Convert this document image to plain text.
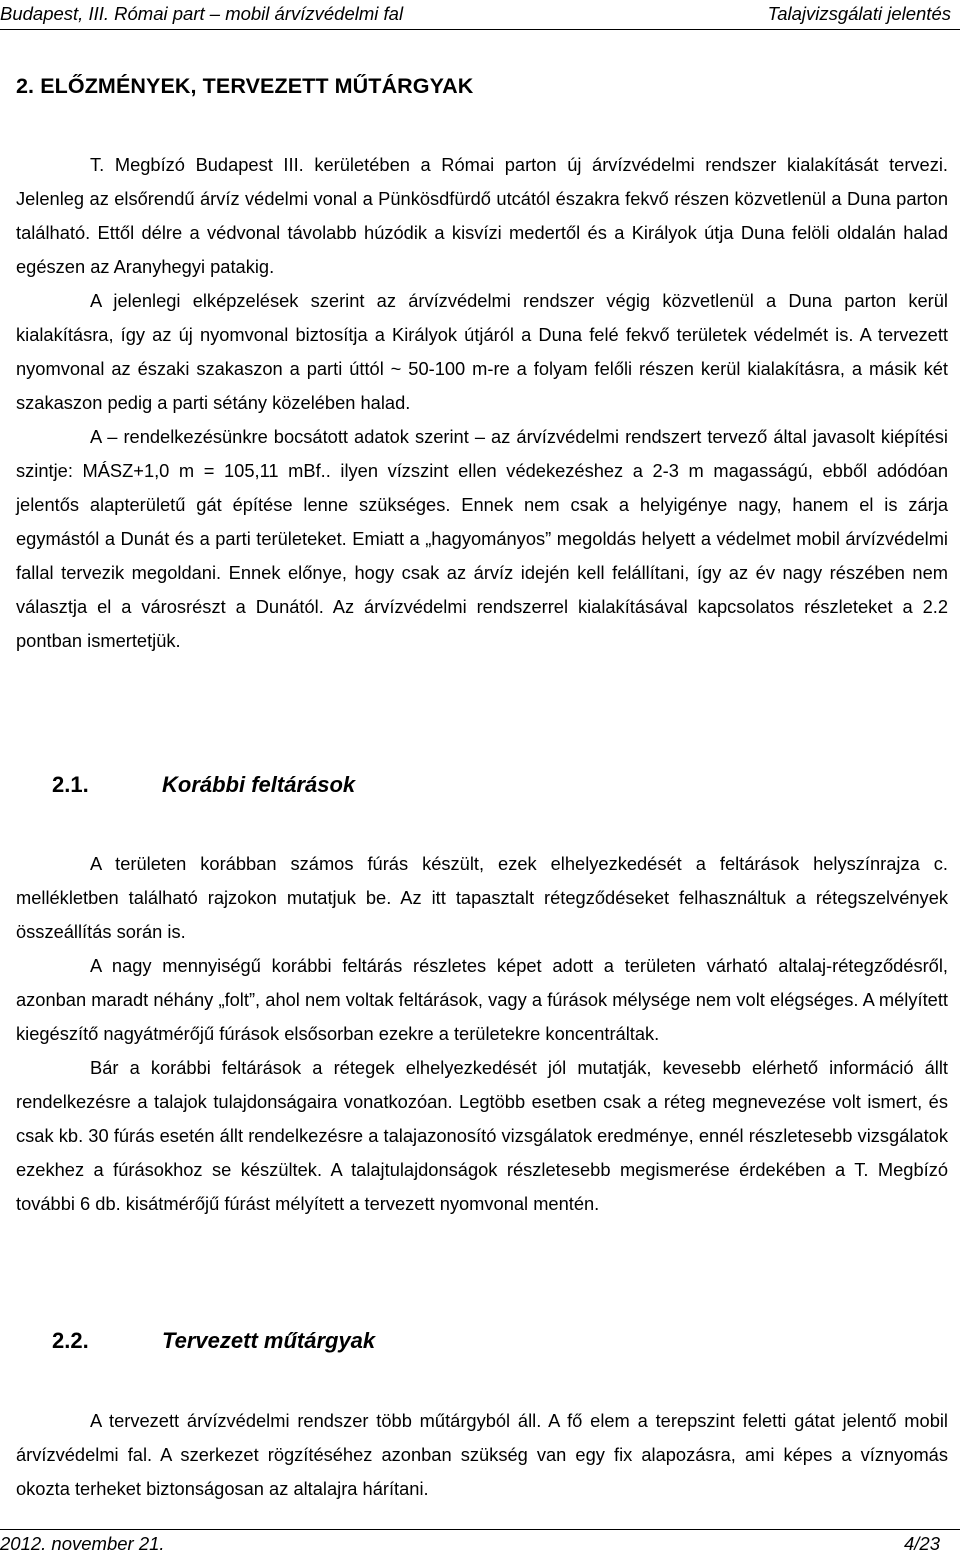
Budapest, III. Római part – mobil árvízvédelmi fal	Talajvizsgálati jelentés
2. ELŐZMÉNYEK, TERVEZETT MŰTÁRGYAK

T. Megbízó Budapest III. kerületében a Római parton új árvízvédelmi rendszer kialakítását tervezi. Jelenleg az elsőrendű árvíz védelmi vonal a Pünkösdfürdő utcától északra fekvő részen közvetlenül a Duna parton található. Ettől délre a védvonal távolabb húzódik a kisvízi medertől és a Királyok útja Duna felöli oldalán halad egészen az Aranyhegyi patakig.

A jelenlegi elképzelések szerint az árvízvédelmi rendszer végig közvetlenül a Duna parton kerül kialakításra, így az új nyomvonal biztosítja a Királyok útjáról a Duna felé fekvő területek védelmét is. A tervezett nyomvonal az északi szakaszon a parti úttól ~ 50-100 m-re a folyam felőli részen kerül kialakításra, a másik két szakaszon pedig a parti sétány közelében halad.

A – rendelkezésünkre bocsátott adatok szerint – az árvízvédelmi rendszert tervező által javasolt kiépítési szintje: MÁSZ+1,0 m = 105,11 mBf.. ilyen vízszint ellen védekezéshez a 2-3 m magasságú, ebből adódóan jelentős alapterületű gát építése lenne szükséges. Ennek nem csak a helyigénye nagy, hanem el is zárja egymástól a Dunát és a parti területeket. Emiatt a „hagyományos” megoldás helyett a védelmet mobil árvízvédelmi fallal tervezik megoldani. Ennek előnye, hogy csak az árvíz idején kell felállítani, így az év nagy részében nem választja el a városrészt a Dunától. Az árvízvédelmi rendszerrel kialakításával kapcsolatos részleteket a 2.2 pontban ismertetjük.

2.1.	Korábbi feltárások

A területen korábban számos fúrás készült, ezek elhelyezkedését a feltárások helyszínrajza c. mellékletben található rajzokon mutatjuk be. Az itt tapasztalt rétegződéseket felhasználtuk a rétegszelvények összeállítás során is.

A nagy mennyiségű korábbi feltárás részletes képet adott a területen várható altalaj-rétegződésről, azonban maradt néhány „folt”, ahol nem voltak feltárások, vagy a fúrások mélysége nem volt elégséges. A mélyített kiegészítő nagyátmérőjű fúrások elsősorban ezekre a területekre koncentráltak.

Bár a korábbi feltárások a rétegek elhelyezkedését jól mutatják, kevesebb elérhető információ állt rendelkezésre a talajok tulajdonságaira vonatkozóan. Legtöbb esetben csak a réteg megnevezése volt ismert, és csak kb. 30 fúrás esetén állt rendelkezésre a talajazonosító vizsgálatok eredménye, ennél részletesebb vizsgálatok ezekhez a fúrásokhoz se készültek. A talajtulajdonságok részletesebb megismerése érdekében a T. Megbízó további 6 db. kisátmérőjű fúrást mélyített a tervezett nyomvonal mentén.

2.2.	Tervezett műtárgyak

A tervezett árvízvédelmi rendszer több műtárgyból áll. A fő elem a terepszint feletti gátat jelentő mobil árvízvédelmi fal. A szerkezet rögzítéséhez azonban szükség van egy fix alapozásra, ami képes a víznyomás okozta terheket biztonságosan az altalajra hárítani.

2012. november 21.	4/23
